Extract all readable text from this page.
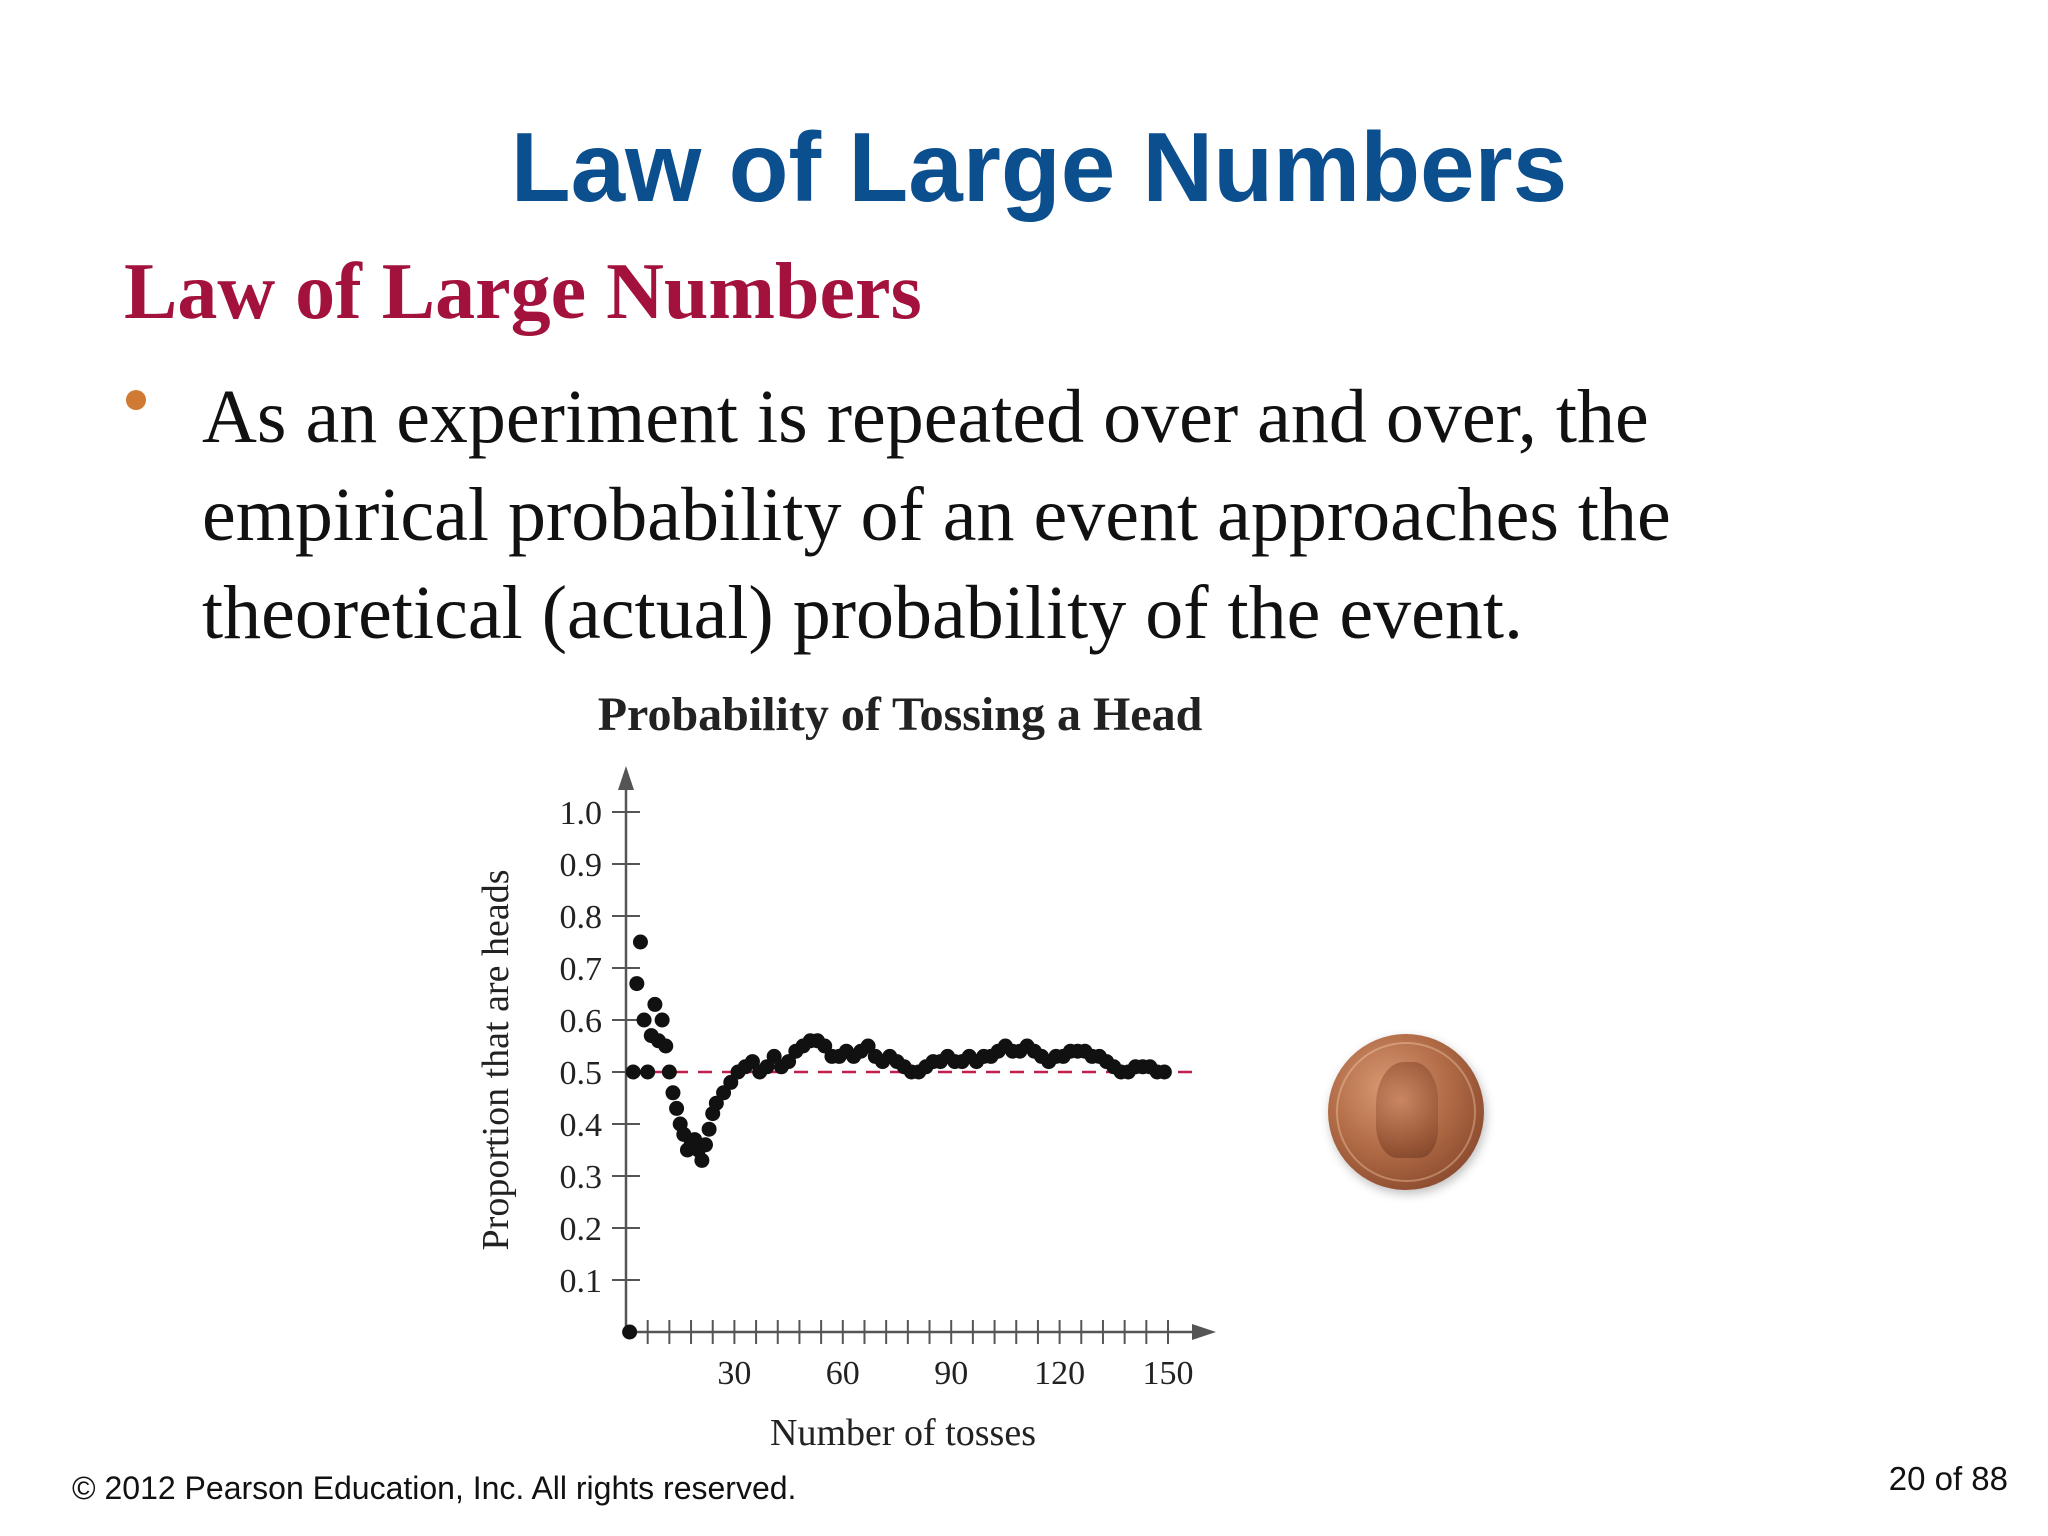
Law of Large Numbers
Law of Large Numbers
As an experiment is repeated over and over, the empirical probability of an event approaches the theoretical (actual) probability of the event.
Probability of Tossing a Head
0.1
0.2
0.3
0.4
0.5
0.6
0.7
0.8
0.9
1.0
30 60 90 120 150
Number of tosses
Proportion that are heads
© 2012 Pearson Education, Inc. All rights reserved.	20 of 88
